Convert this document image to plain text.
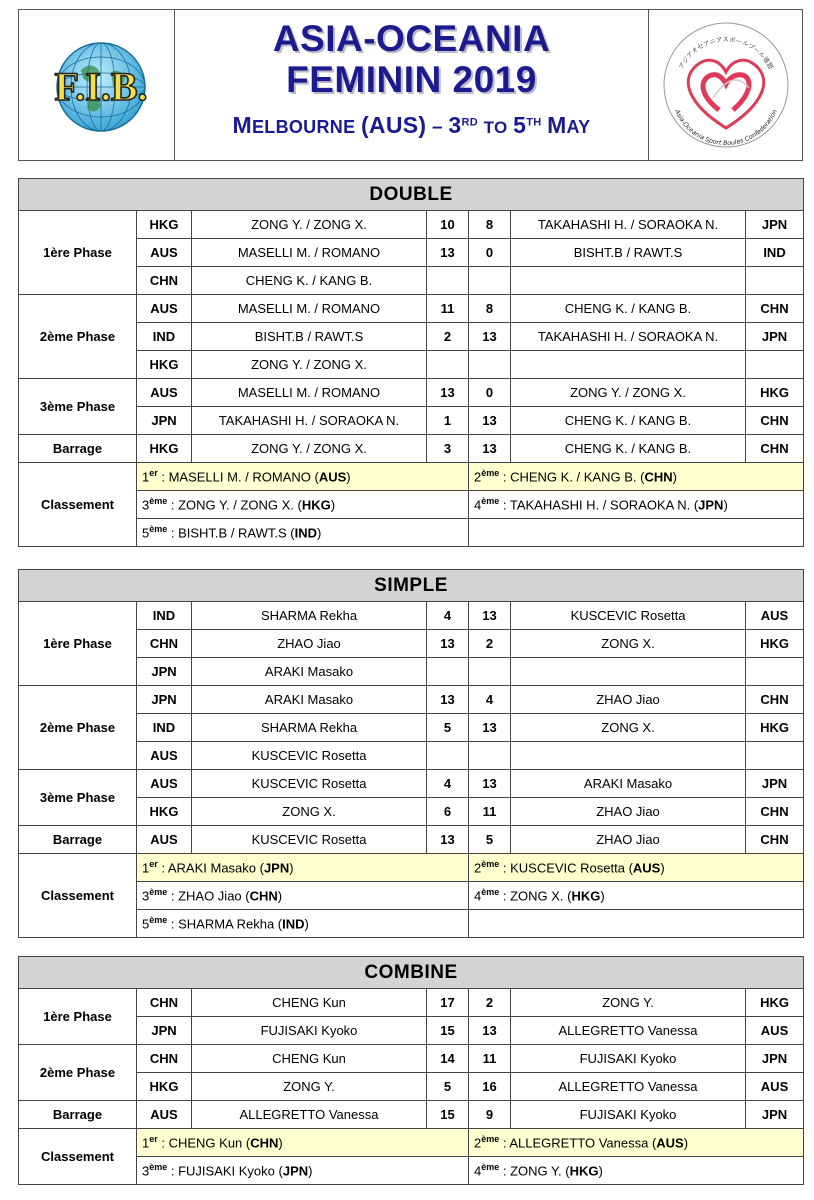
F.I.B.
ASIA-OCEANIA
FEMININ 2019
MELBOURNE (AUS) – 3RD TO 5TH MAY
アジアオセアニアスポールブール連盟
Asia-Oceania Sport Boules Confederation
DOUBLE						
1ère Phase	HKG	ZONG Y. / ZONG X.	10	8	TAKAHASHI H. / SORAOKA N.	JPN
	AUS	MASELLI M. / ROMANO	13	0	BISHT.B / RAWT.S	IND
	CHN	CHENG K. / KANG B.				
2ème Phase	AUS	MASELLI M. / ROMANO	11	8	CHENG K. / KANG B.	CHN
	IND	BISHT.B / RAWT.S	2	13	TAKAHASHI H. / SORAOKA N.	JPN
	HKG	ZONG Y. / ZONG X.				
3ème Phase	AUS	MASELLI M. / ROMANO	13	0	ZONG Y. / ZONG X.	HKG
	JPN	TAKAHASHI H. / SORAOKA N.	1	13	CHENG K. / KANG B.	CHN
Barrage	HKG	ZONG Y. / ZONG X.	3	13	CHENG K. / KANG B.	CHN
Classement	1er : MASELLI M. / ROMANO (AUS)			2ème : CHENG K. / KANG B. (CHN)		
	3ème : ZONG Y. / ZONG X. (HKG)			4ème : TAKAHASHI H. / SORAOKA N. (JPN)		
	5ème : BISHT.B / RAWT.S (IND)					
SIMPLE						
1ère Phase	IND	SHARMA Rekha	4	13	KUSCEVIC Rosetta	AUS
	CHN	ZHAO Jiao	13	2	ZONG X.	HKG
	JPN	ARAKI Masako				
2ème Phase	JPN	ARAKI Masako	13	4	ZHAO Jiao	CHN
	IND	SHARMA Rekha	5	13	ZONG X.	HKG
	AUS	KUSCEVIC Rosetta				
3ème Phase	AUS	KUSCEVIC Rosetta	4	13	ARAKI Masako	JPN
	HKG	ZONG X.	6	11	ZHAO Jiao	CHN
Barrage	AUS	KUSCEVIC Rosetta	13	5	ZHAO Jiao	CHN
Classement	1er : ARAKI Masako (JPN)			2ème : KUSCEVIC Rosetta (AUS)		
	3ème : ZHAO Jiao (CHN)			4ème : ZONG X. (HKG)		
	5ème : SHARMA Rekha (IND)					
COMBINE						
1ère Phase	CHN	CHENG Kun	17	2	ZONG Y.	HKG
	JPN	FUJISAKI Kyoko	15	13	ALLEGRETTO Vanessa	AUS
2ème Phase	CHN	CHENG Kun	14	11	FUJISAKI Kyoko	JPN
	HKG	ZONG Y.	5	16	ALLEGRETTO Vanessa	AUS
Barrage	AUS	ALLEGRETTO Vanessa	15	9	FUJISAKI Kyoko	JPN
Classement	1er : CHENG Kun (CHN)			2ème : ALLEGRETTO Vanessa (AUS)		
	3ème : FUJISAKI Kyoko (JPN)			4ème : ZONG Y. (HKG)		
